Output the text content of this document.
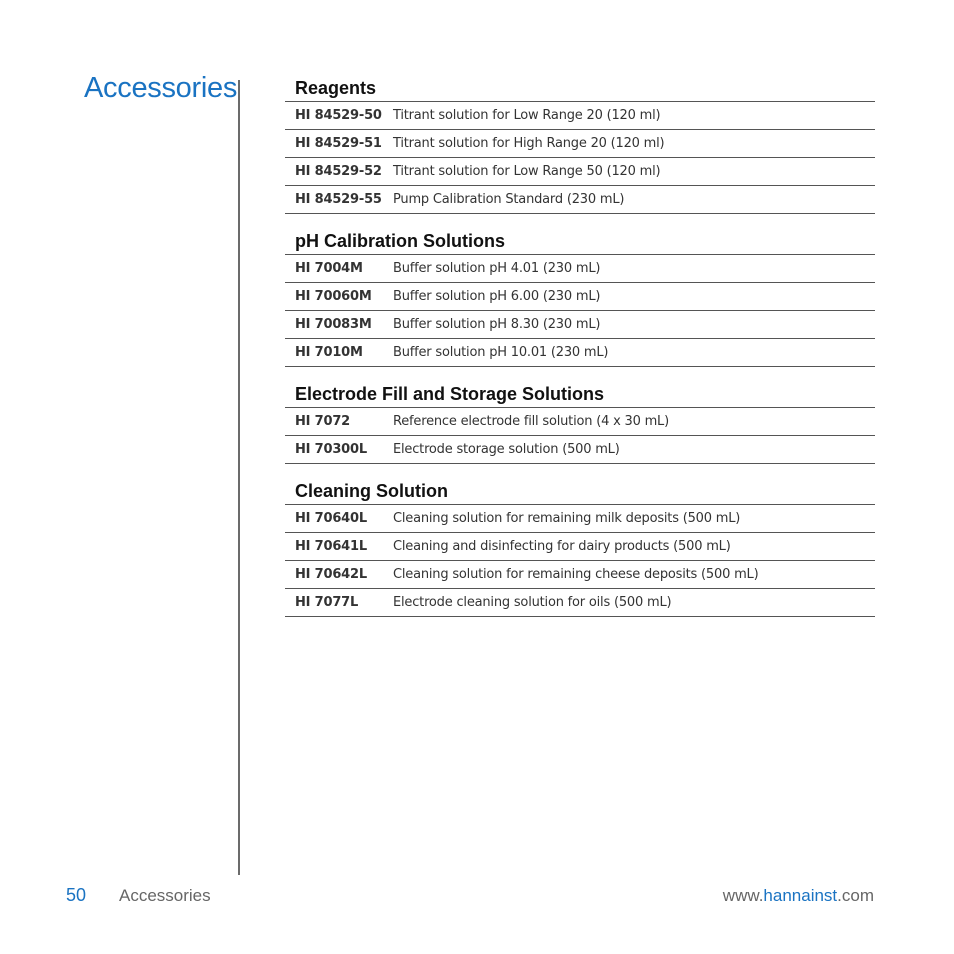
Accessories	Reagents
HI 84529-50 Titrant solution for Low Range 20 (120 ml)
HI 84529-51 Titrant solution for High Range 20 (120 ml)
HI 84529-52 Titrant solution for Low Range 50 (120 ml)
HI 84529-55 Pump Calibration Standard (230 mL)
pH Calibration Solutions
HI 7004M	Buffer solution pH 4.01 (230 mL)
HI 70060M	Buffer solution pH 6.00 (230 mL)
HI 70083M	Buffer solution pH 8.30 (230 mL)
HI 7010M	Buffer solution pH 10.01 (230 mL)
Electrode Fill and Storage Solutions
HI 7072	Reference electrode fill solution (4 x 30 mL)
HI 70300L	Electrode storage solution (500 mL)
Cleaning Solution
HI 70640L	Cleaning solution for remaining milk deposits (500 mL)
HI 70641L	Cleaning and disinfecting for dairy products (500 mL)
HI 70642L	Cleaning solution for remaining cheese deposits (500 mL)
HI 7077L	Electrode cleaning solution for oils (500 mL)
50 Accessories	www.hannainst.com
